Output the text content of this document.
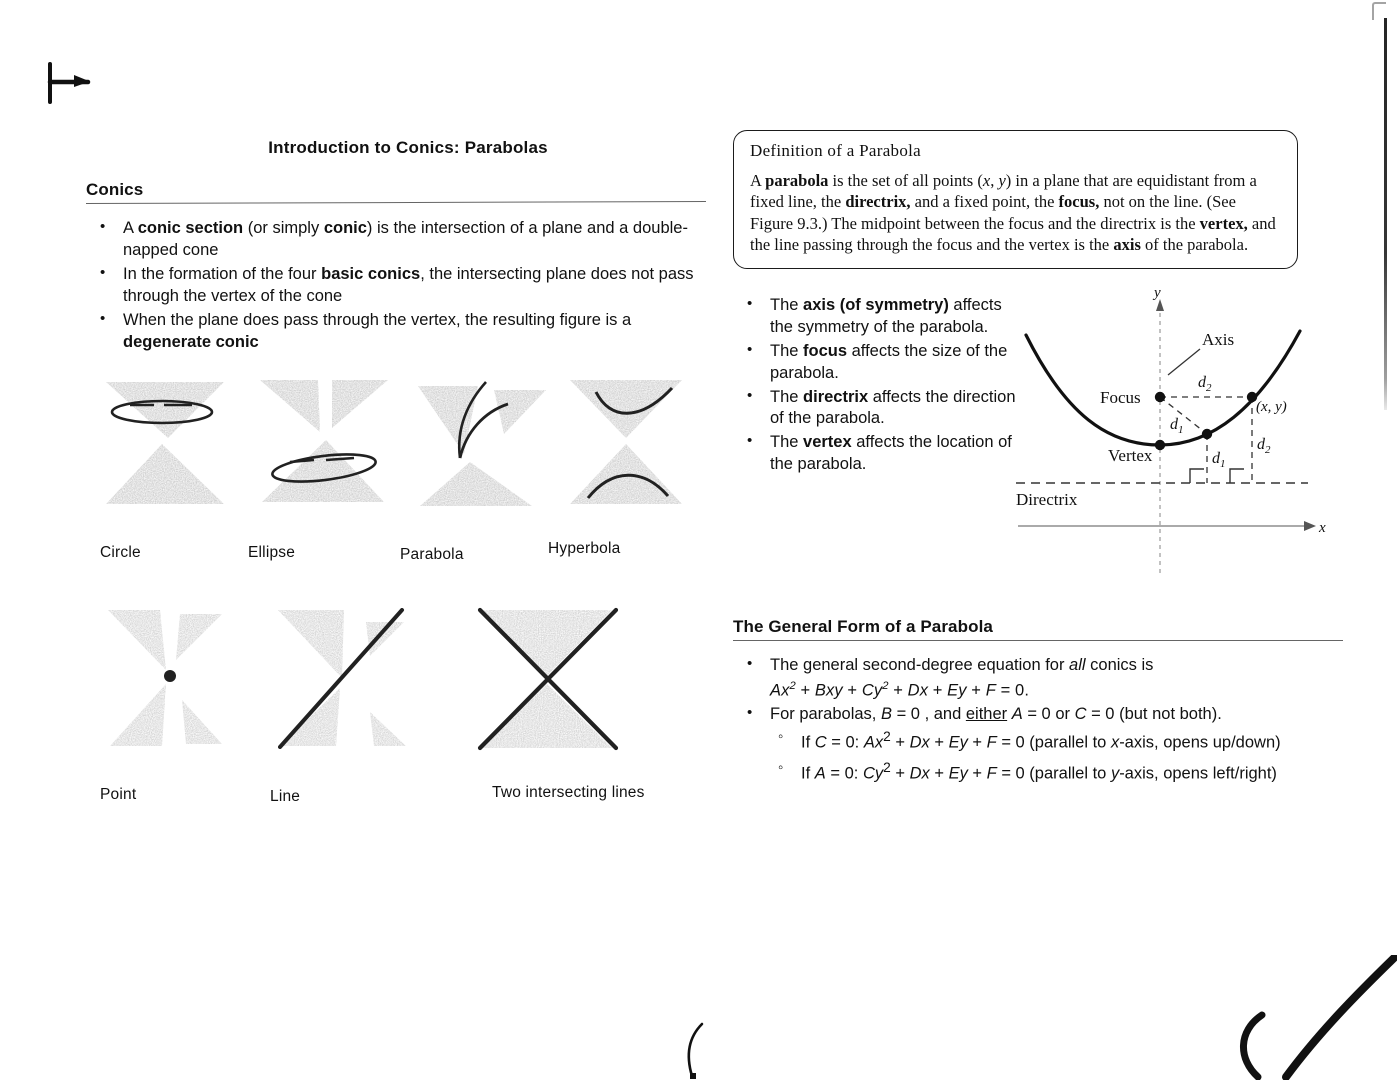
Introduction to Conics: Parabolas
Conics
• A conic section (or simply conic) is the intersection of a plane and a double-napped cone
• In the formation of the four basic conics, the intersecting plane does not pass through the vertex of the cone
• When the plane does pass through the vertex, the resulting figure is a degenerate conic
Circle	Ellipse	Parabola	Hyperbola
Point	Line	Two intersecting lines
Definition of a Parabola
A parabola is the set of all points (x, y) in a plane that are equidistant from a fixed line, the directrix, and a fixed point, the focus, not on the line. (See Figure 9.3.) The midpoint between the focus and the directrix is the vertex, and the line passing through the focus and the vertex is the axis of the parabola.
• The axis (of symmetry) affects the symmetry of the parabola.
• The focus affects the size of the parabola.
• The directrix affects the direction of the parabola.
• The vertex affects the location of the parabola.
y
x
Axis
Focus
Vertex
Directrix
(x, y)
$d_2$
$d_1$
$d_1$
$d_2$
The General Form of a Parabola
• The general second-degree equation for all conics is
$Ax^2$ + Bxy + $Cy^2 + Dx + Ey + F = 0$.
• For parabolas, B = 0 , and either A = 0 or C = 0 (but not both).
◦ If C = 0: $Ax^2 + Dx + Ey + F = 0$ (parallel to x-axis, opens up/down)
◦ If A = 0: $Cy^2 + Dx + Ey + F = 0$ (parallel to y-axis, opens left/right)
